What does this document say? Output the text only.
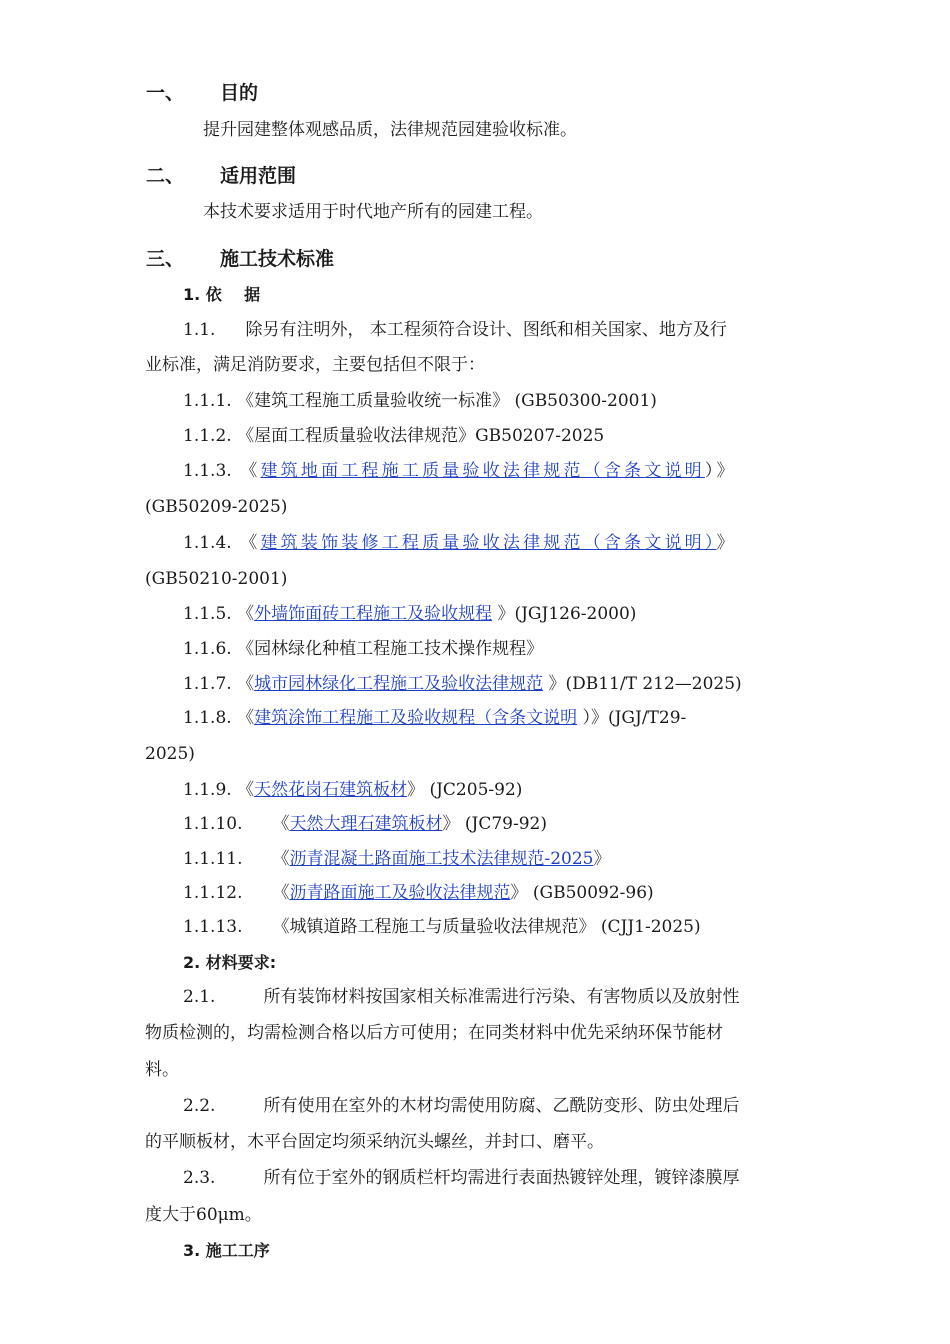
一、 目的
提升园建整体观感品质，法律规范园建验收标准。
二、 适用范围
本技术要求适用于时代地产所有的园建工程。
三、 施工技术标准
1. 依    据
1.1. 除另有注明外， 本工程须符合设计、图纸和相关国家、地方及行
业标准，满足消防要求，主要包括但不限于：
1.1.1. 《建筑工程施工质量验收统一标准》 (GB50300-2001)
1.1.2. 《屋面工程质量验收法律规范》GB50207-2025
1.1.3. 《建筑地面工程施工质量验收法律规范（含条文说明）》
(GB50209-2025)
1.1.4. 《建筑装饰装修工程质量验收法律规范（含条文说明）》
(GB50210-2001)
1.1.5. 《外墙饰面砖工程施工及验收规程 》(JGJ126-2000)
1.1.6. 《园林绿化种植工程施工技术操作规程》
1.1.7. 《城市园林绿化工程施工及验收法律规范 》(DB11/T 212—2025)
1.1.8. 《建筑涂饰工程施工及验收规程（含条文说明 ）》(JGJ/T29-
2025)
1.1.9. 《天然花岗石建筑板材》 (JC205-92)
1.1.10. 《天然大理石建筑板材》 (JC79-92)
1.1.11. 《沥青混凝土路面施工技术法律规范-2025》
1.1.12. 《沥青路面施工及验收法律规范》 (GB50092-96)
1.1.13. 《城镇道路工程施工与质量验收法律规范》 (CJJ1-2025)
2. 材料要求:
2.1.	所有装饰材料按国家相关标准需进行污染、有害物质以及放射性
物质检测的，均需检测合格以后方可使用；在同类材料中优先采纳环保节能材
料。
2.2.	所有使用在室外的木材均需使用防腐、乙酰防变形、防虫处理后
的平顺板材，木平台固定均须采纳沉头螺丝，并封口、磨平。
2.3.	所有位于室外的钢质栏杆均需进行表面热镀锌处理，镀锌漆膜厚
度大于60μm。
3. 施工工序
